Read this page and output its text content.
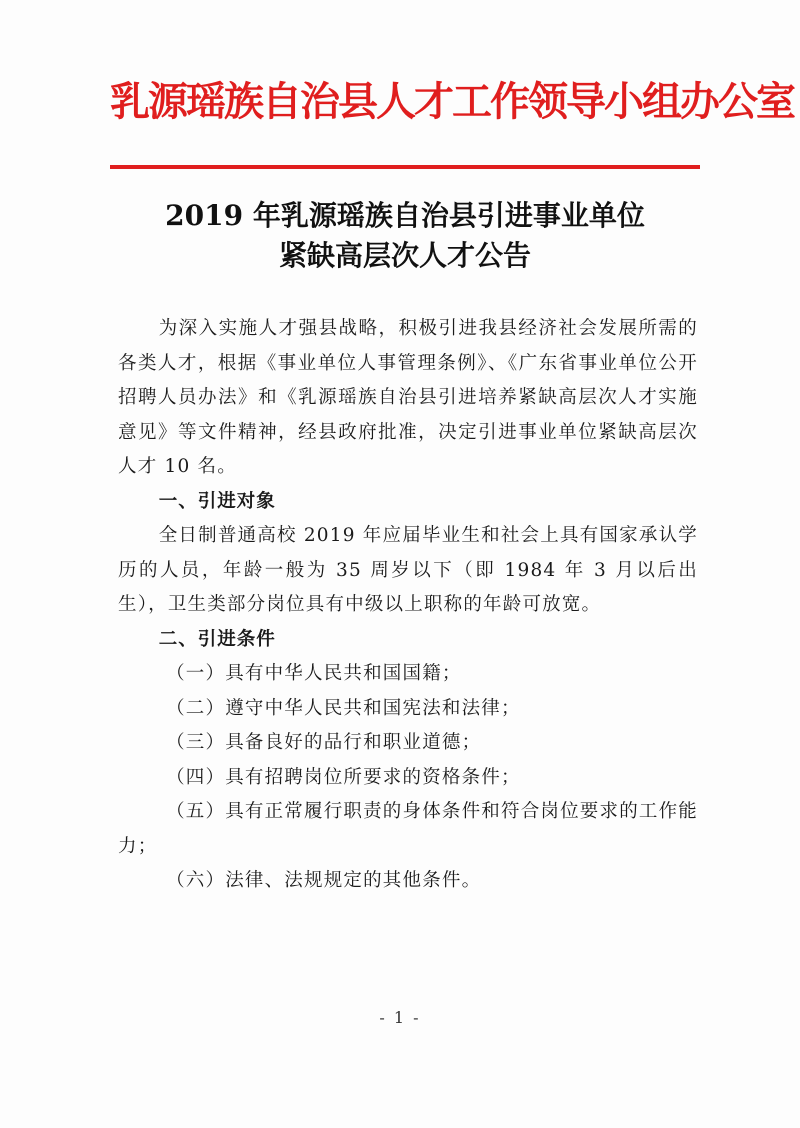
乳源瑶族自治县人才工作领导小组办公室
2019 年乳源瑶族自治县引进事业单位
紧缺高层次人才公告

为深入实施人才强县战略，积极引进我县经济社会发展所需的各类人才，根据《事业单位人事管理条例》、《广东省事业单位公开招聘人员办法》和《乳源瑶族自治县引进培养紧缺高层次人才实施意见》等文件精神，经县政府批准，决定引进事业单位紧缺高层次人才 10 名。

一、引进对象

全日制普通高校 2019 年应届毕业生和社会上具有国家承认学历的人员，年龄一般为 35 周岁以下（即 1984 年 3 月以后出生），卫生类部分岗位具有中级以上职称的年龄可放宽。

二、引进条件

（一）具有中华人民共和国国籍；

（二）遵守中华人民共和国宪法和法律；

（三）具备良好的品行和职业道德；

（四）具有招聘岗位所要求的资格条件；

（五）具有正常履行职责的身体条件和符合岗位要求的工作能力；

（六）法律、法规规定的其他条件。

- 1 -
